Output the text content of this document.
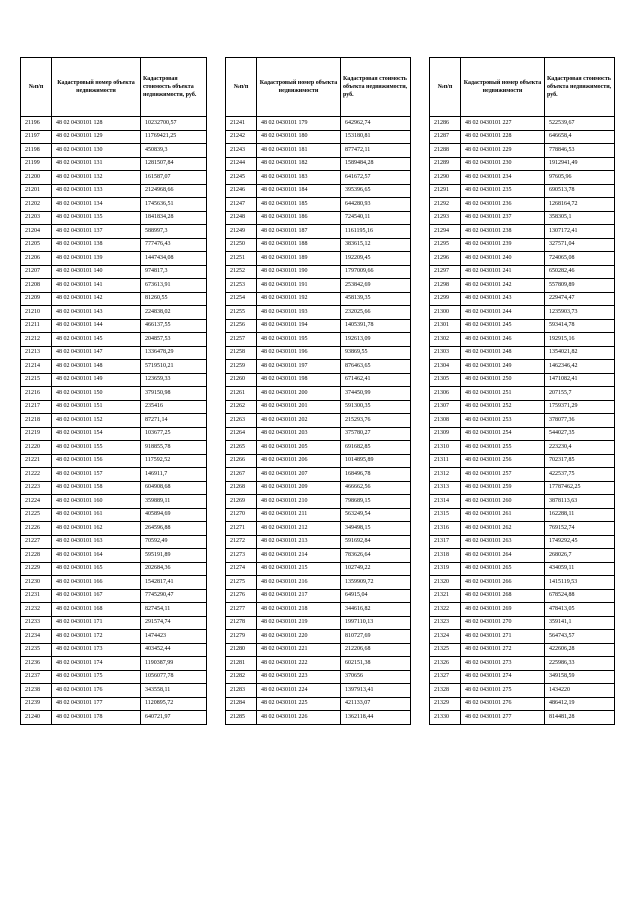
№п/п	Кадастровый номер объекта недвижимости	Кадастровая стоимость объекта недвижимости, руб.
21196	48 02 0430101 128	10232700,57
21197	48 02 0430101 129	11769421,25
21198	48 02 0430101 130	450839,3
21199	48 02 0430101 131	1281507,84
21200	48 02 0430101 132	161587,07
21201	48 02 0430101 133	2124968,66
21202	48 02 0430101 134	1745636,51
21203	48 02 0430101 135	1841834,28
21204	48 02 0430101 137	588997,3
21205	48 02 0430101 138	777476,43
21206	48 02 0430101 139	1447434,08
21207	48 02 0430101 140	974817,3
21208	48 02 0430101 141	673613,91
21209	48 02 0430101 142	81260,55
21210	48 02 0430101 143	224838,02
21211	48 02 0430101 144	466137,55
21212	48 02 0430101 145	204857,53
21213	48 02 0430101 147	1336478,29
21214	48 02 0430101 148	5719510,21
21215	48 02 0430101 149	123659,33
21216	48 02 0430101 150	379150,98
21217	48 02 0430101 151	235416
21218	48 02 0430101 152	87271,14
21219	48 02 0430101 154	103677,25
21220	48 02 0430101 155	918855,78
21221	48 02 0430101 156	117592,52
21222	48 02 0430101 157	146911,7
21223	48 02 0430101 158	604908,68
21224	48 02 0430101 160	359889,11
21225	48 02 0430101 161	405894,69
21226	48 02 0430101 162	264596,88
21227	48 02 0430101 163	70592,49
21228	48 02 0430101 164	595191,89
21229	48 02 0430101 165	202684,36
21230	48 02 0430101 166	1542817,41
21231	48 02 0430101 167	7745290,47
21232	48 02 0430101 168	827454,11
21233	48 02 0430101 171	291574,74
21234	48 02 0430101 172	1474423
21235	48 02 0430101 173	403452,44
21236	48 02 0430101 174	1190387,99
21237	48 02 0430101 175	1056077,78
21238	48 02 0430101 176	343558,11
21239	48 02 0430101 177	1120895,72
21240	48 02 0430101 178	640721,97
№п/п	Кадастровый номер объекта недвижимости	Кадастровая стоимость объекта недвижимости, руб.
21241	48 02 0430101 179	642962,74
21242	48 02 0430101 180	153180,81
21243	48 02 0430101 181	877472,11
21244	48 02 0430101 182	1589484,28
21245	48 02 0430101 183	641672,57
21246	48 02 0430101 184	395396,65
21247	48 02 0430101 185	644280,93
21248	48 02 0430101 186	724540,11
21249	48 02 0430101 187	1161195,16
21250	48 02 0430101 188	383615,12
21251	48 02 0430101 189	192209,45
21252	48 02 0430101 190	1797009,66
21253	48 02 0430101 191	253842,69
21254	48 02 0430101 192	458139,35
21255	48 02 0430101 193	232025,66
21256	48 02 0430101 194	1405391,78
21257	48 02 0430101 195	192613,09
21258	48 02 0430101 196	93869,55
21259	48 02 0430101 197	876463,65
21260	48 02 0430101 198	671462,41
21261	48 02 0430101 200	374450,99
21262	48 02 0430101 201	591300,35
21263	48 02 0430101 202	215293,76
21264	48 02 0430101 203	375780,27
21265	48 02 0430101 205	691682,85
21266	48 02 0430101 206	1014895,89
21267	48 02 0430101 207	168496,78
21268	48 02 0430101 209	466662,56
21269	48 02 0430101 210	798689,15
21270	48 02 0430101 211	563249,54
21271	48 02 0430101 212	349498,15
21272	48 02 0430101 213	591692,84
21273	48 02 0430101 214	783626,64
21274	48 02 0430101 215	102749,22
21275	48 02 0430101 216	1359909,72
21276	48 02 0430101 217	64915,04
21277	48 02 0430101 218	344616,82
21278	48 02 0430101 219	1997110,13
21279	48 02 0430101 220	810727,69
21280	48 02 0430101 221	212206,68
21281	48 02 0430101 222	602151,38
21282	48 02 0430101 223	370656
21283	48 02 0430101 224	1397913,41
21284	48 02 0430101 225	421133,07
21285	48 02 0430101 226	1362118,44
№п/п	Кадастровый номер объекта недвижимости	Кадастровая стоимость объекта недвижимости, руб.
21286	48 02 0430101 227	522539,67
21287	48 02 0430101 228	646658,4
21288	48 02 0430101 229	778846,53
21289	48 02 0430101 230	1912941,49
21290	48 02 0430101 234	97605,96
21291	48 02 0430101 235	690513,78
21292	48 02 0430101 236	1268164,72
21293	48 02 0430101 237	358305,1
21294	48 02 0430101 238	1307172,41
21295	48 02 0430101 239	327571,04
21296	48 02 0430101 240	724065,08
21297	48 02 0430101 241	650282,46
21298	48 02 0430101 242	557809,89
21299	48 02 0430101 243	229474,47
21300	48 02 0430101 244	1235903,73
21301	48 02 0430101 245	593414,78
21302	48 02 0430101 246	192915,16
21303	48 02 0430101 248	1354021,82
21304	48 02 0430101 249	1462346,42
21305	48 02 0430101 250	1471082,41
21306	48 02 0430101 251	207155,7
21307	48 02 0430101 252	1759371,29
21308	48 02 0430101 253	378077,36
21309	48 02 0430101 254	544027,35
21310	48 02 0430101 255	223230,4
21311	48 02 0430101 256	702317,85
21312	48 02 0430101 257	422537,75
21313	48 02 0430101 259	17787462,25
21314	48 02 0430101 260	3878113,63
21315	48 02 0430101 261	162288,11
21316	48 02 0430101 262	769152,74
21317	48 02 0430101 263	1749292,45
21318	48 02 0430101 264	268026,7
21319	48 02 0430101 265	434059,11
21320	48 02 0430101 266	1415119,53
21321	48 02 0430101 268	678524,88
21322	48 02 0430101 269	478413,05
21323	48 02 0430101 270	359141,1
21324	48 02 0430101 271	564743,57
21325	48 02 0430101 272	422606,28
21326	48 02 0430101 273	225986,33
21327	48 02 0430101 274	349158,59
21328	48 02 0430101 275	1434220
21329	48 02 0430101 276	486412,19
21330	48 02 0430101 277	814481,28
